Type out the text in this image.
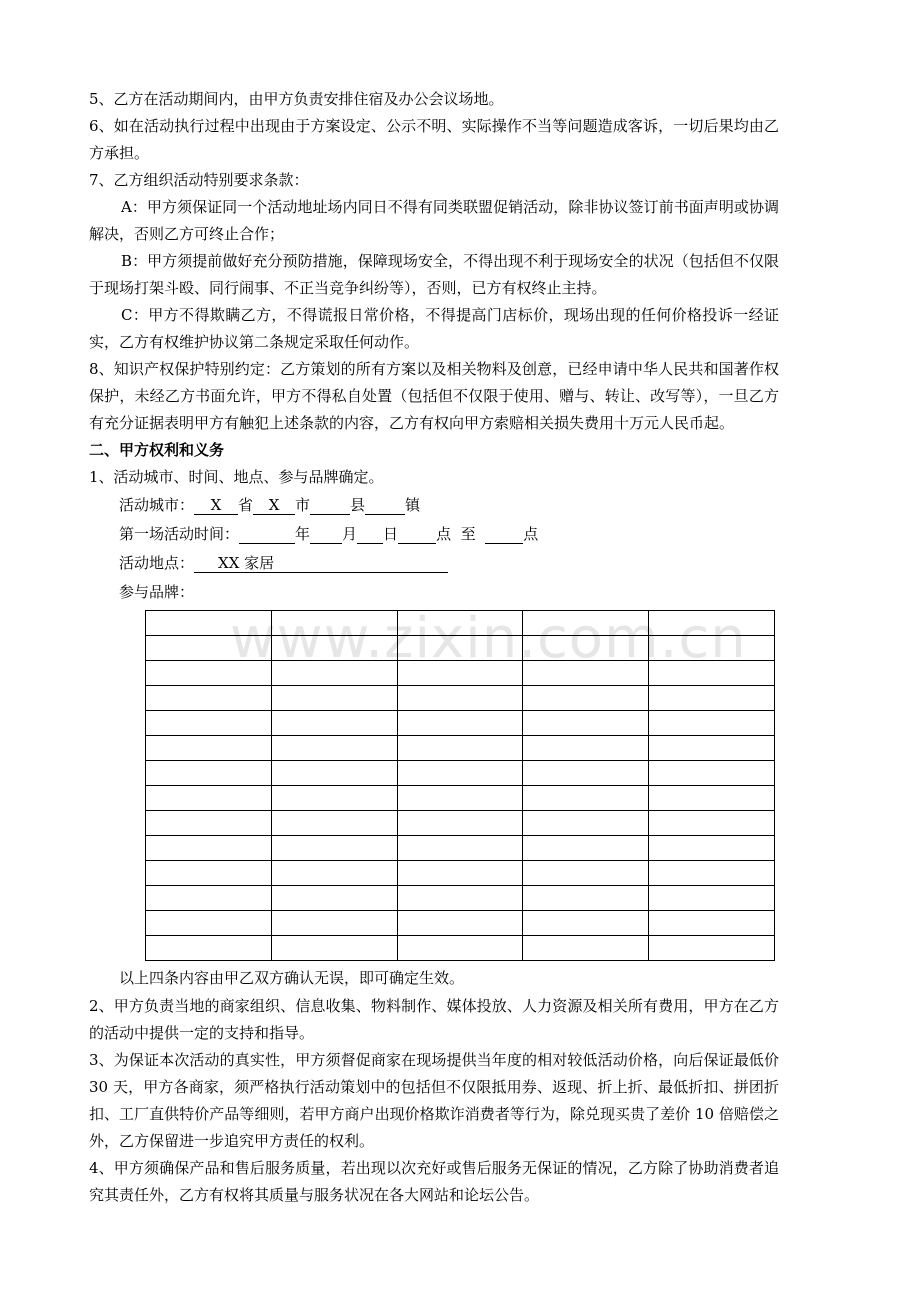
www.zixin.com.cn

5、乙方在活动期间内，由甲方负责安排住宿及办公会议场地。

6、如在活动执行过程中出现由于方案设定、公示不明、实际操作不当等问题造成客诉，一切后果均由乙方承担。

7、乙方组织活动特别要求条款：

A：甲方须保证同一个活动地址场内同日不得有同类联盟促销活动，除非协议签订前书面声明或协调解决，否则乙方可终止合作；

B：甲方须提前做好充分预防措施，保障现场安全，不得出现不利于现场安全的状况（包括但不仅限于现场打架斗殴、同行闹事、不正当竞争纠纷等），否则，已方有权终止主持。

C：甲方不得欺瞒乙方，不得谎报日常价格，不得提高门店标价，现场出现的任何价格投诉一经证实，乙方有权维护协议第二条规定采取任何动作。

8、知识产权保护特别约定：乙方策划的所有方案以及相关物料及创意，已经申请中华人民共和国著作权保护，未经乙方书面允许，甲方不得私自处置（包括但不仅限于使用、赠与、转让、改写等），一旦乙方有充分证据表明甲方有触犯上述条款的内容，乙方有权向甲方索赔相关损失费用十万元人民币起。

二、甲方权利和义务

1、活动城市、时间、地点、参与品牌确定。

活动城市： X 省 X 市	县	镇

第一场活动时间：	年 月 日	点 至	点

活动地点： XX 家居

参与品牌：

以上四条内容由甲乙双方确认无误，即可确定生效。

2、甲方负责当地的商家组织、信息收集、物料制作、媒体投放、人力资源及相关所有费用，甲方在乙方的活动中提供一定的支持和指导。

3、为保证本次活动的真实性，甲方须督促商家在现场提供当年度的相对较低活动价格，向后保证最低价 30 天，甲方各商家，须严格执行活动策划中的包括但不仅限抵用券、返现、折上折、最低折扣、拼团折扣、工厂直供特价产品等细则，若甲方商户出现价格欺诈消费者等行为，除兑现买贵了差价 10 倍赔偿之外，乙方保留进一步追究甲方责任的权利。

4、甲方须确保产品和售后服务质量，若出现以次充好或售后服务无保证的情况，乙方除了协助消费者追究其责任外，乙方有权将其质量与服务状况在各大网站和论坛公告。
